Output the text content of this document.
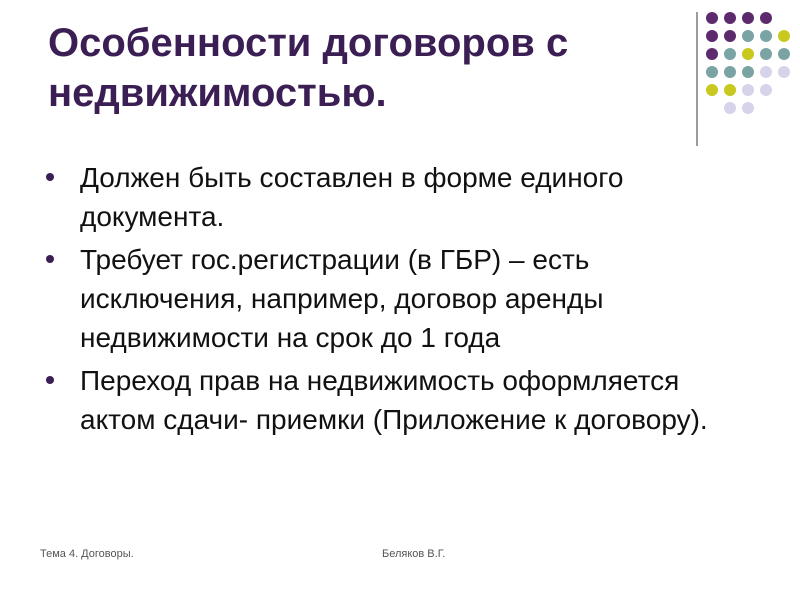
Особенности договоров с недвижимостью.
Должен быть составлен в форме единого документа.
Требует гос.регистрации (в ГБР) – есть исключения, например, договор аренды недвижимости на срок до 1 года
Переход прав на недвижимость оформляется актом сдачи- приемки (Приложение к договору).
Тема 4. Договоры.	Беляков В.Г.
